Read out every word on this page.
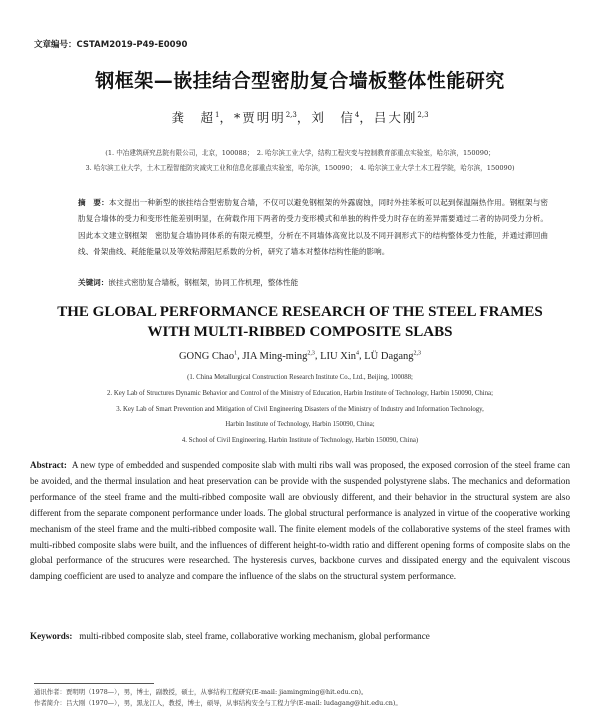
文章编号：CSTAM2019-P49-E0090
钢框架—嵌挂结合型密肋复合墙板整体性能研究
龚　超$^1$，*贾明明$^{2,3}$，刘　信$^4$，吕大刚$^{2,3}$
(1. 中冶建筑研究总院有限公司，北京，100088；　2. 哈尔滨工业大学，结构工程灾变与控制教育部重点实验室，哈尔滨，150090；
3. 哈尔滨工业大学，土木工程智能防灾减灾工业和信息化部重点实验室，哈尔滨，150090；　4. 哈尔滨工业大学土木工程学院，哈尔滨，150090)
摘　要：本文提出一种新型的嵌挂结合型密肋复合墙，不仅可以避免钢框架的外露腐蚀，同时外挂苯板可以起到保温隔热作用。钢框架与密肋复合墙体的受力和变形性能差别明显，在荷载作用下两者的受力变形模式和单独的构件受力时存在的差异需要通过二者的协同受力分析。因此本文建立钢框架　密肋复合墙协同体系的有限元模型，分析在不同墙体高宽比以及不同开洞形式下的结构整体受力性能，并通过滞回曲线、骨架曲线、耗能能量以及等效粘滞阻尼系数的分析，研究了墙本对整体结构性能的影响。
关键词：嵌挂式密肋复合墙板，钢框架，协同工作机理，整体性能
THE GLOBAL PERFORMANCE RESEARCH OF THE STEEL FRAMES
WITH MULTI-RIBBED COMPOSITE SLABS
GONG Chao$^1$, JIA Ming-ming$^{2,3}$, LIU Xin$^4$, LÜ Dagang$^{2,3}$
(1. China Metallurgical Construction Research Institute Co., Ltd., Beijing, 100088;
2. Key Lab of Structures Dynamic Behavior and Control of the Ministry of Education, Harbin Institute of Technology, Harbin 150090, China;
3. Key Lab of Smart Prevention and Mitigation of Civil Engineering Disasters of the Ministry of Industry and Information Technology,
Harbin Institute of Technology, Harbin 150090, China;
4. School of Civil Engineering, Harbin Institute of Technology, Harbin 150090, China)
Abstract: A new type of embedded and suspended composite slab with multi ribs wall was proposed, the exposed corrosion of the steel frame can be avoided, and the thermal insulation and heat preservation can be provide with the suspended polystyrene slabs. The mechanics and deformation performance of the steel frame and the multi-ribbed composite wall are obviously different, and their behavior in the structural system are also different from the separate component performance under loads. The global structural performance is analyzed in virtue of the cooperative working mechanism of the steel frame and the multi-ribbed composite wall. The finite element models of the collaborative systems of the steel frames with multi-ribbed composite slabs were built, and the influences of different height-to-width ratio and different opening forms of composite slabs on the global performance of the strucures were researched. The hysteresis curves, backbone curves and dissipated energy and the equivalent viscous damping coefficient are used to analyze and compare the influence of the slabs on the structural system performance.
Keywords: multi-ribbed composite slab, steel frame, collaborative working mechanism, global performance
通讯作者：贾明明（1978—），男，博士，副教授，硕士，从事结构工程研究(E-mail: jiamingming@hit.edu.cn)。
作者简介：吕大刚（1970—），男，黑龙江人，教授，博士，硕导，从事结构安全与工程力学(E-mail: ludagang@hit.edu.cn)。
